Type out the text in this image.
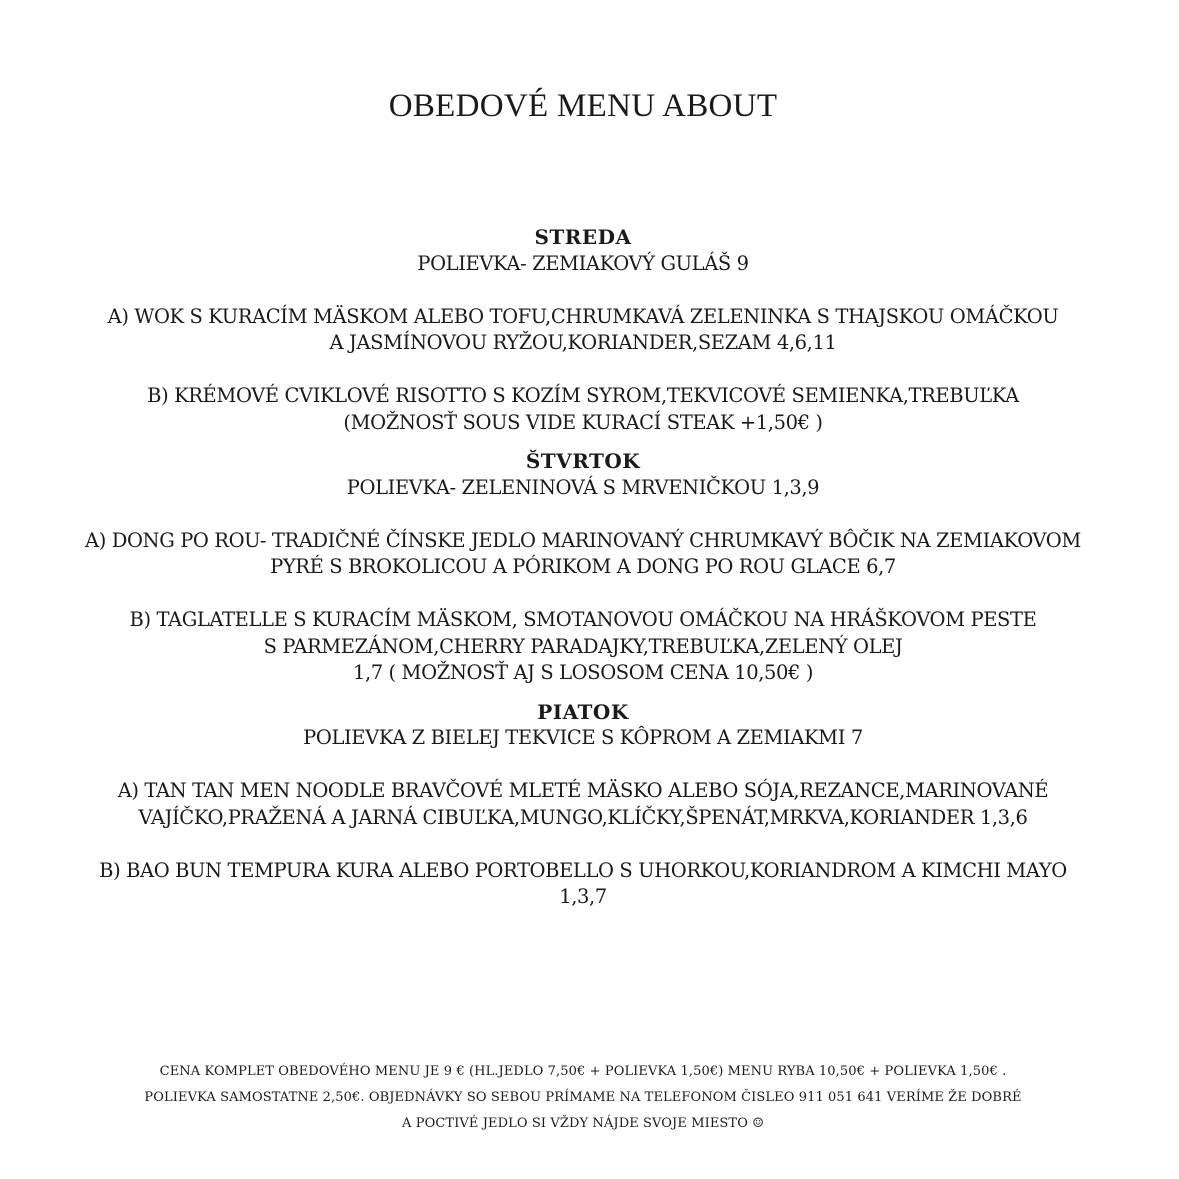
OBEDOVÉ MENU ABOUT
STREDA
POLIEVKA- ZEMIAKOVÝ GULÁŠ 9
A) WOK S KURACÍM MÄSKOM ALEBO TOFU,CHRUMKAVÁ ZELENINKA S THAJSKOU OMÁČKOU
A JASMÍNOVOU RYŽOU,KORIANDER,SEZAM 4,6,11
B) KRÉMOVÉ CVIKLOVÉ RISOTTO S KOZÍM SYROM,TEKVICOVÉ SEMIENKA,TREBUĽKA
(MOŽNOSŤ SOUS VIDE KURACÍ STEAK +1,50€ )
ŠTVRTOK
POLIEVKA- ZELENINOVÁ S MRVENIČKOU 1,3,9
A) DONG PO ROU- TRADIČNÉ ČÍNSKE JEDLO MARINOVANÝ CHRUMKAVÝ BÔČIK NA ZEMIAKOVOM
PYRÉ S BROKOLICOU A PÓRIKOM A DONG PO ROU GLACE 6,7
B) TAGLATELLE S KURACÍM MÄSKOM, SMOTANOVOU OMÁČKOU NA HRÁŠKOVOM PESTE
S PARMEZÁNOM,CHERRY PARADAJKY,TREBUĽKA,ZELENÝ OLEJ
1,7 ( MOŽNOSŤ AJ S LOSOSOM CENA 10,50€ )
PIATOK
POLIEVKA Z BIELEJ TEKVICE S KÔPROM A ZEMIAKMI 7
A) TAN TAN MEN NOODLE BRAVČOVÉ MLETÉ MÄSKO ALEBO SÓJA,REZANCE,MARINOVANÉ
VAJÍČKO,PRAŽENÁ A JARNÁ CIBUĽKA,MUNGO,KLÍČKY,ŠPENÁT,MRKVA,KORIANDER 1,3,6
B) BAO BUN TEMPURA KURA ALEBO PORTOBELLO S UHORKOU,KORIANDROM A KIMCHI MAYO
1,3,7
CENA KOMPLET OBEDOVÉHO MENU JE 9 € (HL.JEDLO 7,50€ + POLIEVKA 1,50€) MENU RYBA 10,50€ + POLIEVKA 1,50€ .
POLIEVKA SAMOSTATNE 2,50€. OBJEDNÁVKY SO SEBOU PRÍMAME NA TELEFONOM ČISLEO 911 051 641 VERÍME ŽE DOBRÉ
A POCTIVÉ JEDLO SI VŽDY NÁJDE SVOJE MIESTO ☺
